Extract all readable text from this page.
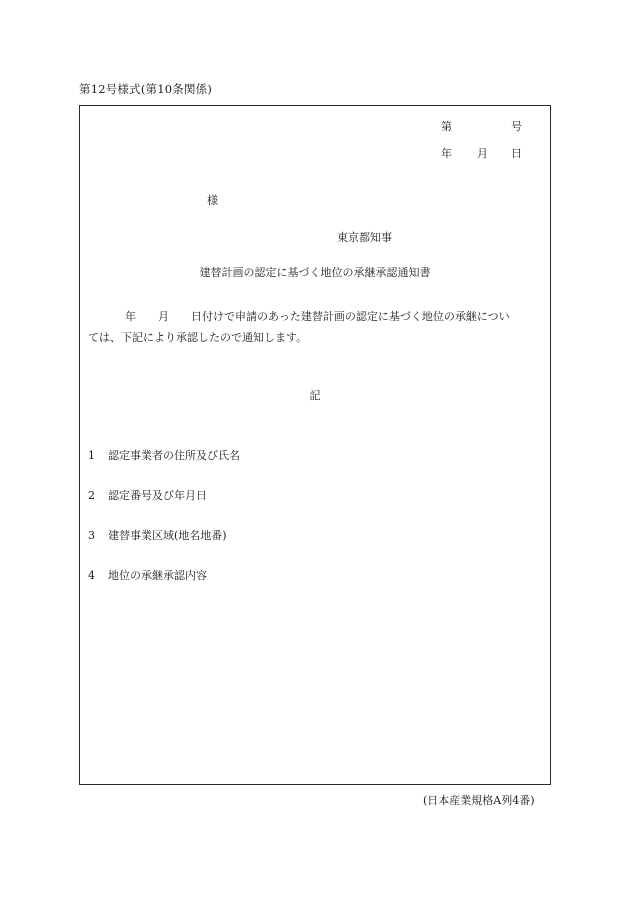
第12号様式(第10条関係)
第	号
年 月 日
様
東京都知事
建替計画の認定に基づく地位の承継承認通知書
年 月 日付けで申請のあった建替計画の認定に基づく地位の承継につい
ては、下記により承認したので通知します。
記
1 認定事業者の住所及び氏名
2 認定番号及び年月日
3 建替事業区域(地名地番)
4 地位の承継承認内容
(日本産業規格A列4番)
